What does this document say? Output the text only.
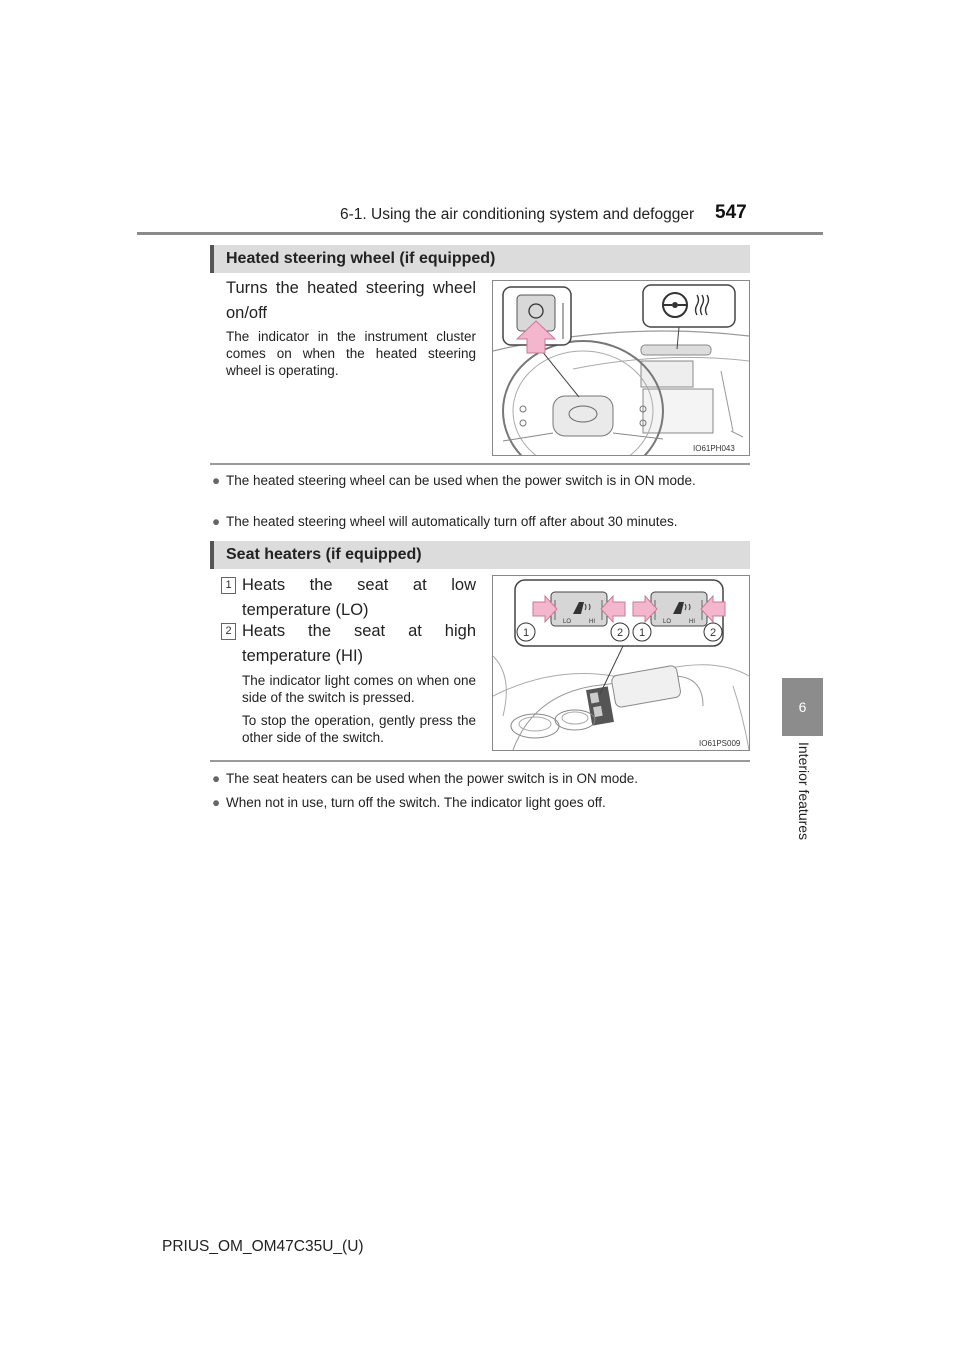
6-1. Using the air conditioning system and defogger 547
6
Interior features
Heated steering wheel (if equipped)
Turns the heated steering wheel on/off
The indicator in the instrument cluster comes on when the heated steering wheel is operating.
IO61PH043
● The heated steering wheel can be used when the power switch is in ON mode.
● The heated steering wheel will automatically turn off after about 30 minutes.
Seat heaters (if equipped)
1 Heats the seat at low temperature (LO)
2 Heats the seat at high temperature (HI)
The indicator light comes on when one side of the switch is pressed.
To stop the operation, gently press the other side of the switch.
LO	HI	LO	HI
1	2 1	2
IO61PS009
● The seat heaters can be used when the power switch is in ON mode.
● When not in use, turn off the switch. The indicator light goes off.
PRIUS_OM_OM47C35U_(U)
